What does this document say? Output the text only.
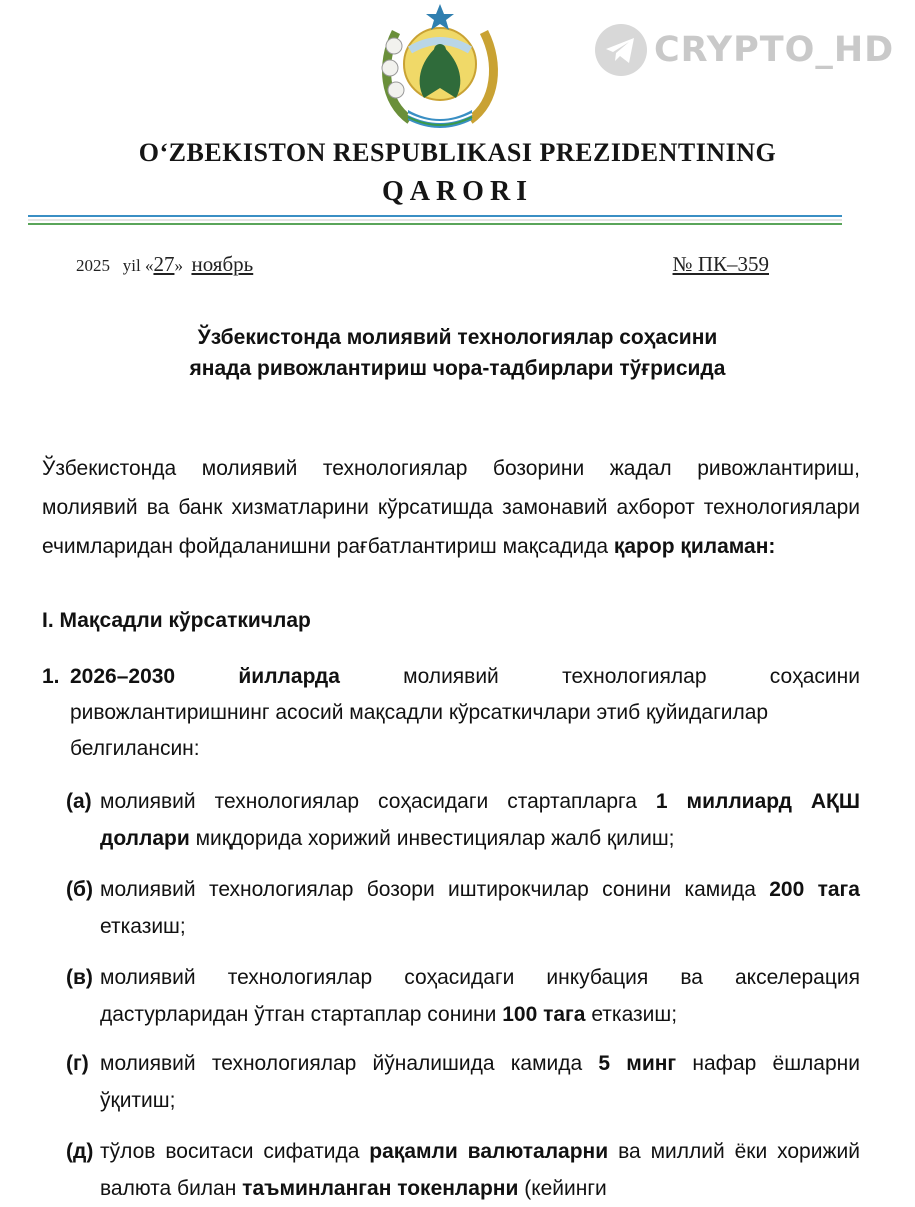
CRYPTO_HD
O‘ZBEKISTON RESPUBLIKASI PREZIDENTINING
QARORI
2025 yil «27» ноябрь	№ ПК–359
Ўзбекистонда молиявий технологиялар соҳасини
янада ривожлантириш чора-тадбирлари тўғрисида
Ўзбекистонда молиявий технологиялар бозорини жадал ривожлантириш, молиявий ва банк хизматларини кўрсатишда замонавий ахборот технологиялари ечимларидан фойдаланишни рағбатлантириш мақсадида қарор қиламан:
I. Мақсадли кўрсаткичлар
1. 2026–2030	йилларда	молиявий	технологиялар	соҳасини
ривожлантиришнинг асосий мақсадли кўрсаткичлари этиб қуйидагилар белгилансин:
(а) молиявий технологиялар соҳасидаги стартапларга 1 миллиард АҚШ доллари миқдорида хорижий инвестициялар жалб қилиш;
(б) молиявий технологиялар бозори иштирокчилар сонини камида 200 тага етказиш;
(в) молиявий технологиялар соҳасидаги инкубация ва акселерация дастурларидан ўтган стартаплар сонини 100 тага етказиш;
(г) молиявий технологиялар йўналишида камида 5 минг нафар ёшларни ўқитиш;
(д) тўлов воситаси сифатида рақамли валюталарни ва миллий ёки хорижий валюта билан таъминланган токенларни (кейинги
